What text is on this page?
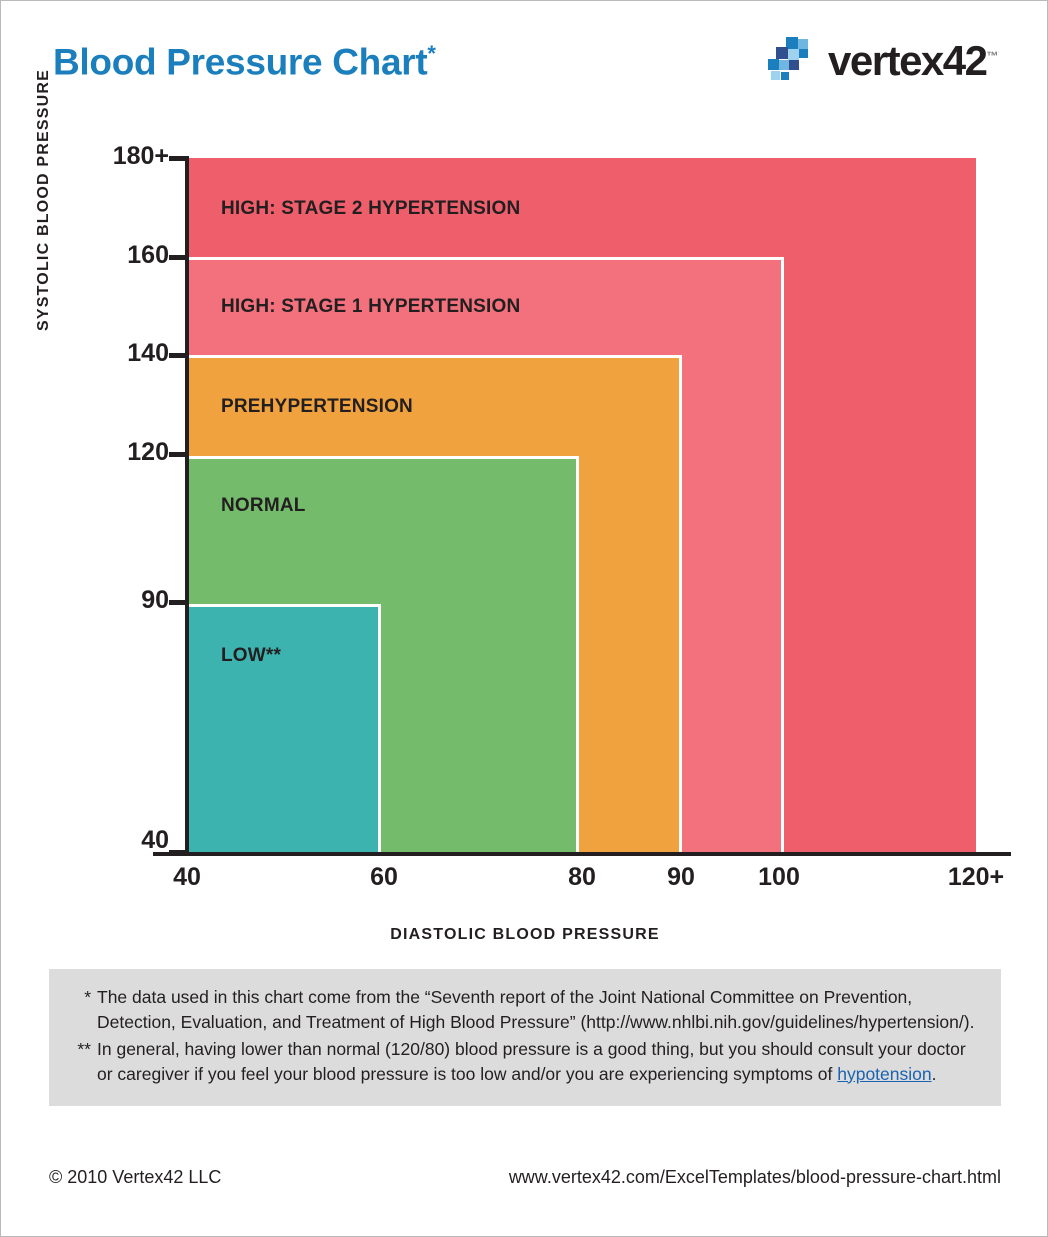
Blood Pressure Chart*	vertex42™
HIGH: STAGE 2 HYPERTENSION
HIGH: STAGE 1 HYPERTENSION
PREHYPERTENSION
NORMAL
LOW**
180+
160
140
120
90
40
40	60	80	90	100	120+
SYSTOLIC BLOOD PRESSURE
DIASTOLIC BLOOD PRESSURE
* The data used in this chart come from the “Seventh report of the Joint National Committee on Prevention, Detection, Evaluation, and Treatment of High Blood Pressure” (http://www.nhlbi.nih.gov/guidelines/hypertension/).
** In general, having lower than normal (120/80) blood pressure is a good thing, but you should consult your doctor or caregiver if you feel your blood pressure is too low and/or you are experiencing symptoms of hypotension.
© 2010 Vertex42 LLC	www.vertex42.com/ExcelTemplates/blood-pressure-chart.html
